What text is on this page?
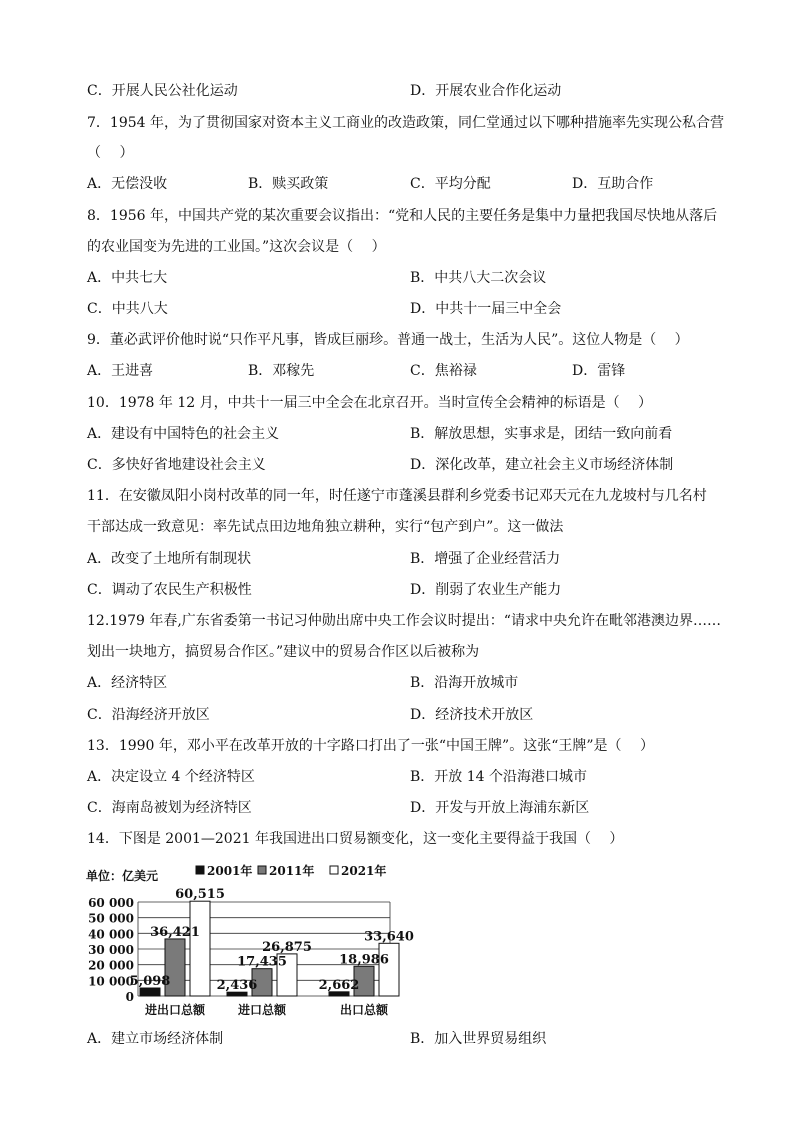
C．开展人民公社化运动	D．开展农业合作化运动
7．1954 年，为了贯彻国家对资本主义工商业的改造政策，同仁堂通过以下哪种措施率先实现公私合营
（　 ）
A．无偿没收	B．赎买政策	C．平均分配	D．互助合作
8．1956 年，中国共产党的某次重要会议指出：“党和人民的主要任务是集中力量把我国尽快地从落后
的农业国变为先进的工业国。”这次会议是（　 ）
A．中共七大	B．中共八大二次会议
C．中共八大	D．中共十一届三中全会
9．董必武评价他时说“只作平凡事，皆成巨丽珍。普通一战士，生活为人民”。这位人物是（　 ）
A．王进喜	B．邓稼先	C．焦裕禄	D．雷锋
10．1978 年 12 月，中共十一届三中全会在北京召开。当时宣传全会精神的标语是（　 ）
A．建设有中国特色的社会主义	B．解放思想，实事求是，团结一致向前看
C．多快好省地建设社会主义	D．深化改革，建立社会主义市场经济体制
11．在安徽凤阳小岗村改革的同一年，时任遂宁市蓬溪县群利乡党委书记邓天元在九龙坡村与几名村
干部达成一致意见：率先试点田边地角独立耕种，实行“包产到户”。这一做法
A．改变了土地所有制现状	B．增强了企业经营活力
C．调动了农民生产积极性	D．削弱了农业生产能力
12.1979 年春,广东省委第一书记习仲勋出席中央工作会议时提出：“请求中央允许在毗邻港澳边界……
划出一块地方，搞贸易合作区。”建议中的贸易合作区以后被称为
A．经济特区	B．沿海开放城市
C．沿海经济开放区	D．经济技术开放区
13．1990 年，邓小平在改革开放的十字路口打出了一张“中国王牌”。这张“王牌”是（　 ）
A．决定设立 4 个经济特区	B．开放 14 个沿海港口城市
C．海南岛被划为经济特区	D．开发与开放上海浦东新区
14．下图是 2001—2021 年我国进出口贸易额变化，这一变化主要得益于我国（　 ）
单位：亿美元	2001年 2011年 2021年
0
10 000
20 000
30 000
40 000
50 000
60 000
5,098
36,421
60,515
2,436
17,435
26,875
2,662
18,986
33,640
进出口总额	进口总额	出口总额
A．建立市场经济体制	B．加入世界贸易组织
